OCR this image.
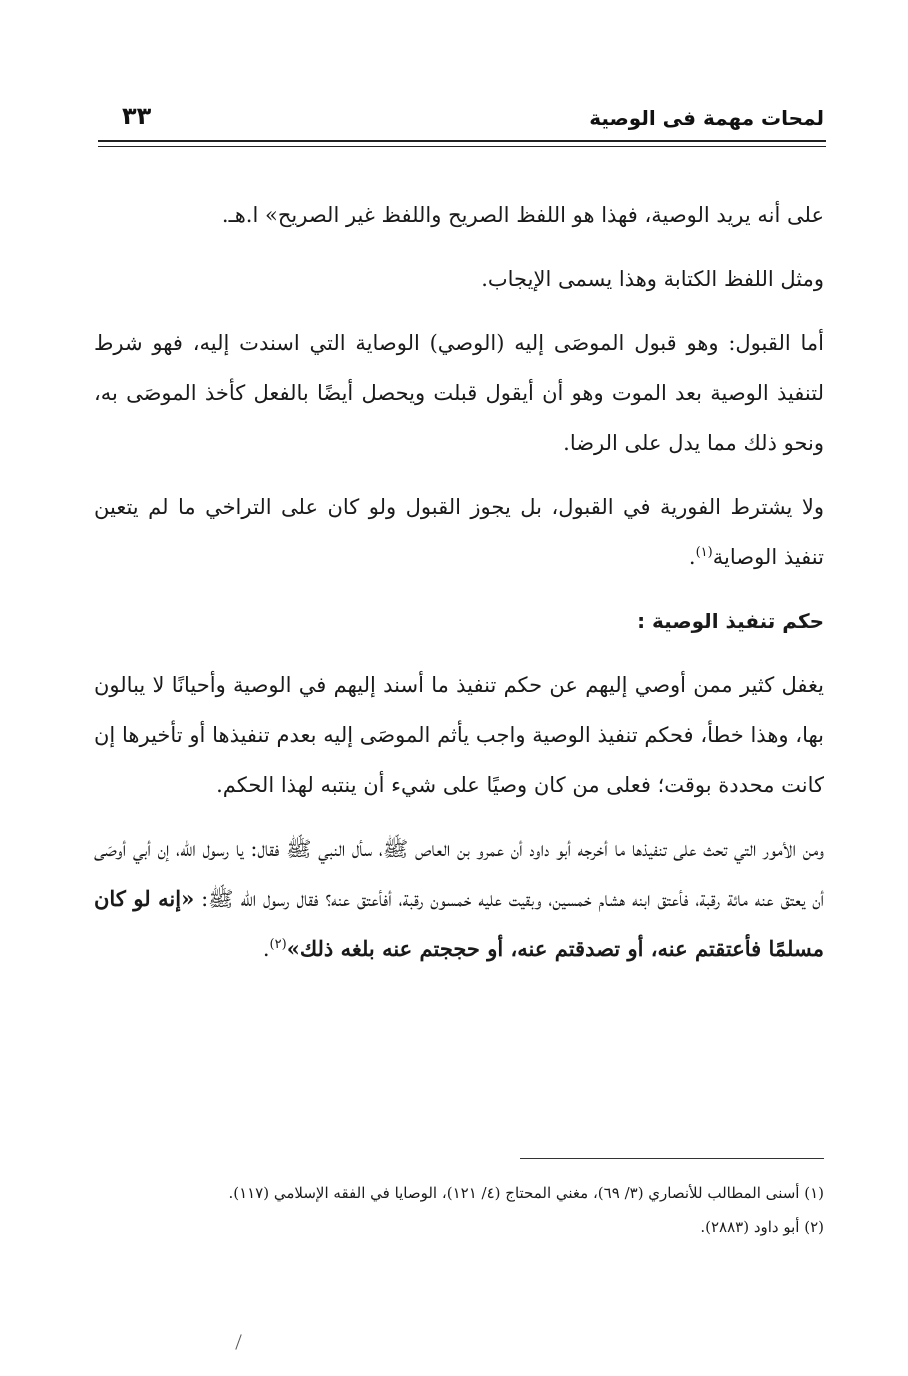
لمحات مهمة فى الوصية
٣٣

على أنه يريد الوصية، فهذا هو اللفظ الصريح واللفظ غير الصريح» ا.هـ.

ومثل اللفظ الكتابة وهذا يسمى الإيجاب.

أما القبول: وهو قبول الموصَى إليه (الوصي) الوصاية التي اسندت إليه، فهو شرط لتنفيذ الوصية بعد الموت وهو أن أيقول قبلت ويحصل أيضًا بالفعل كأخذ الموصَى به، ونحو ذلك مما يدل على الرضا.

ولا يشترط الفورية في القبول، بل يجوز القبول ولو كان على التراخي ما لم يتعين تنفيذ الوصاية$^{(١)}$.

حكم تنفيذ الوصية :

يغفل كثير ممن أوصي إليهم عن حكم تنفيذ ما أسند إليهم في الوصية وأحيانًا لا يبالون بها، وهذا خطأ، فحكم تنفيذ الوصية واجب يأثم الموصَى إليه بعدم تنفيذها أو تأخيرها إن كانت محددة بوقت؛ فعلى من كان وصيًا على شيء أن ينتبه لهذا الحكم.

ومن الأمور التي تحث على تنفيذها ما أخرجه أبو داود أن عمرو بن العاص ﷺ، سأل النبي ﷺ فقال: يا رسول الله، إن أبي أوصَى أن يعتق عنه مائة رقبة، فأعتق ابنه هشام خمسين، وبقيت عليه خمسون رقبة، أفأعتق عنه؟ فقال رسول الله ﷺ: «إنه لو كان مسلمًا فأعتقتم عنه، أو تصدقتم عنه، أو حججتم عنه بلغه ذلك»$^{(٢)}$.

(١) أسنى المطالب للأنصاري (٣/ ٦٩)، مغني المحتاج (٤/ ١٢١)، الوصايا في الفقه الإسلامي (١١٧).
(٢) أبو داود (٢٨٨٣).
